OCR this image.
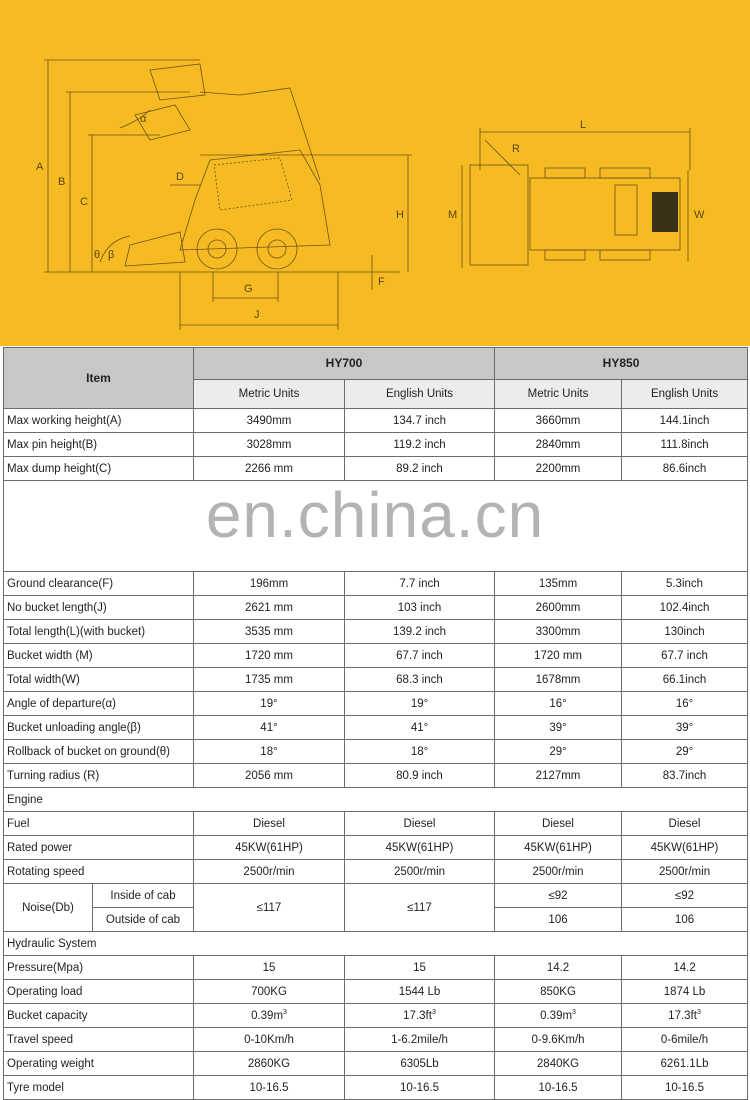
A
B
C
D
F
G
H
J
L
R
W
M
α
β
θ
Item		HY700		HY850	
		Metric Units	English Units	Metric Units	English Units
Max working height(A)		3490mm	134.7 inch	3660mm	144.1inch
Max pin height(B)		3028mm	119.2 inch	2840mm	111.8inch
Max dump height(C)		2266 mm	89.2 inch	2200mm	86.6inch

Ground clearance(F)		196mm	7.7 inch	135mm	5.3inch
No bucket length(J)		2621 mm	103 inch	2600mm	102.4inch
Total length(L)(with bucket)		3535 mm	139.2 inch	3300mm	130inch
Bucket width (M)		1720 mm	67.7 inch	1720 mm	67.7 inch
Total width(W)		1735 mm	68.3 inch	1678mm	66.1inch
Angle of departure(α)		19°	19°	16°	16°
Bucket unloading angle(β)		41°	41°	39°	39°
Rollback of bucket on ground(θ)		18°	18°	29°	29°
Turning radius (R)		2056 mm	80.9 inch	2127mm	83.7inch
Engine					
Fuel		Diesel	Diesel	Diesel	Diesel
Rated power		45KW(61HP)	45KW(61HP)	45KW(61HP)	45KW(61HP)
Rotating speed		2500r/min	2500r/min	2500r/min	2500r/min
Noise(Db)	Inside of cab	≤117	≤117	≤92	≤92
	Outside of cab			106	106
Hydraulic System					
Pressure(Mpa)		15	15	14.2	14.2
Operating load		700KG	1544 Lb	850KG	1874 Lb
Bucket capacity		$0.39m^3$	$17.3ft^3$	$0.39m^3$	$17.3ft^3$
Travel speed		0-10Km/h	1-6.2mile/h	0-9.6Km/h	0-6mile/h
Operating weight		2860KG	6305Lb	2840KG	6261.1Lb
Tyre model		10-16.5	10-16.5	10-16.5	10-16.5
en.china.cn
